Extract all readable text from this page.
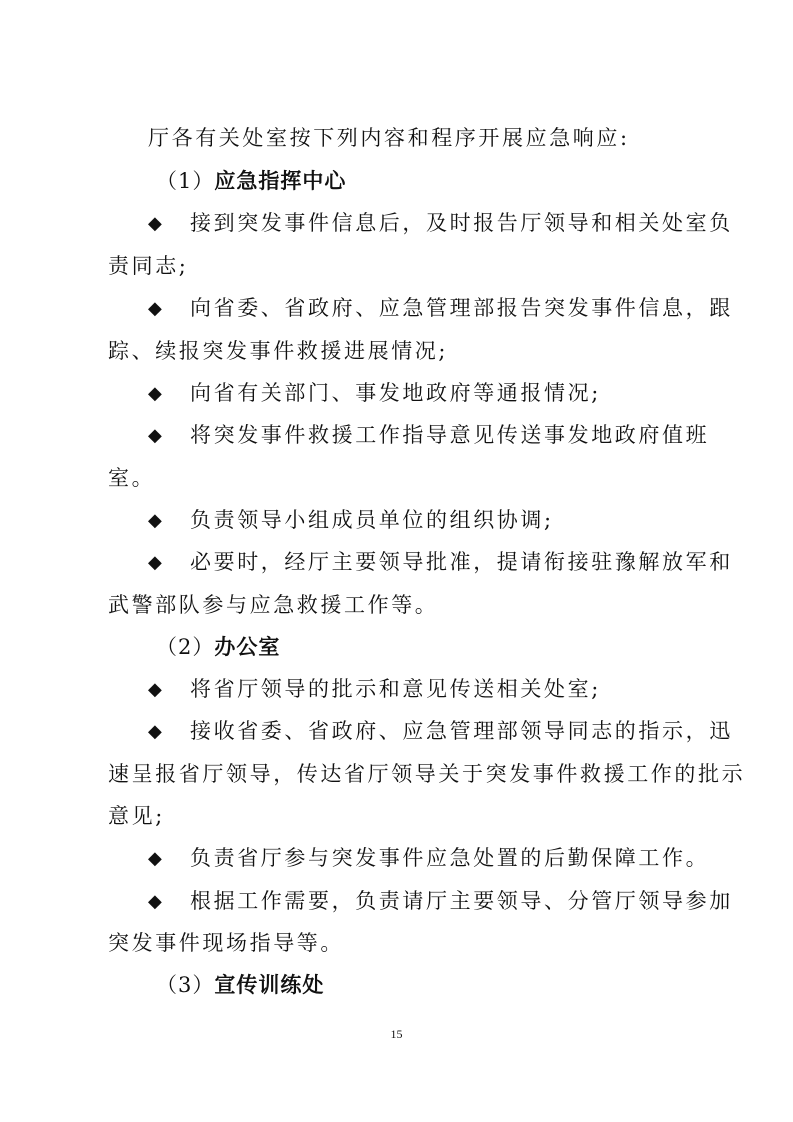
厅各有关处室按下列内容和程序开展应急响应:
（1）应急指挥中心
◆ 接到突发事件信息后，及时报告厅领导和相关处室负
责同志;
◆ 向省委、省政府、应急管理部报告突发事件信息，跟
踪、续报突发事件救援进展情况;
◆ 向省有关部门、事发地政府等通报情况;
◆ 将突发事件救援工作指导意见传送事发地政府值班
室。
◆ 负责领导小组成员单位的组织协调;
◆ 必要时，经厅主要领导批准，提请衔接驻豫解放军和
武警部队参与应急救援工作等。
（2）办公室
◆ 将省厅领导的批示和意见传送相关处室;
◆ 接收省委、省政府、应急管理部领导同志的指示，迅
速呈报省厅领导，传达省厅领导关于突发事件救援工作的批示
意见;
◆ 负责省厅参与突发事件应急处置的后勤保障工作。
◆ 根据工作需要，负责请厅主要领导、分管厅领导参加
突发事件现场指导等。
（3）宣传训练处
15
